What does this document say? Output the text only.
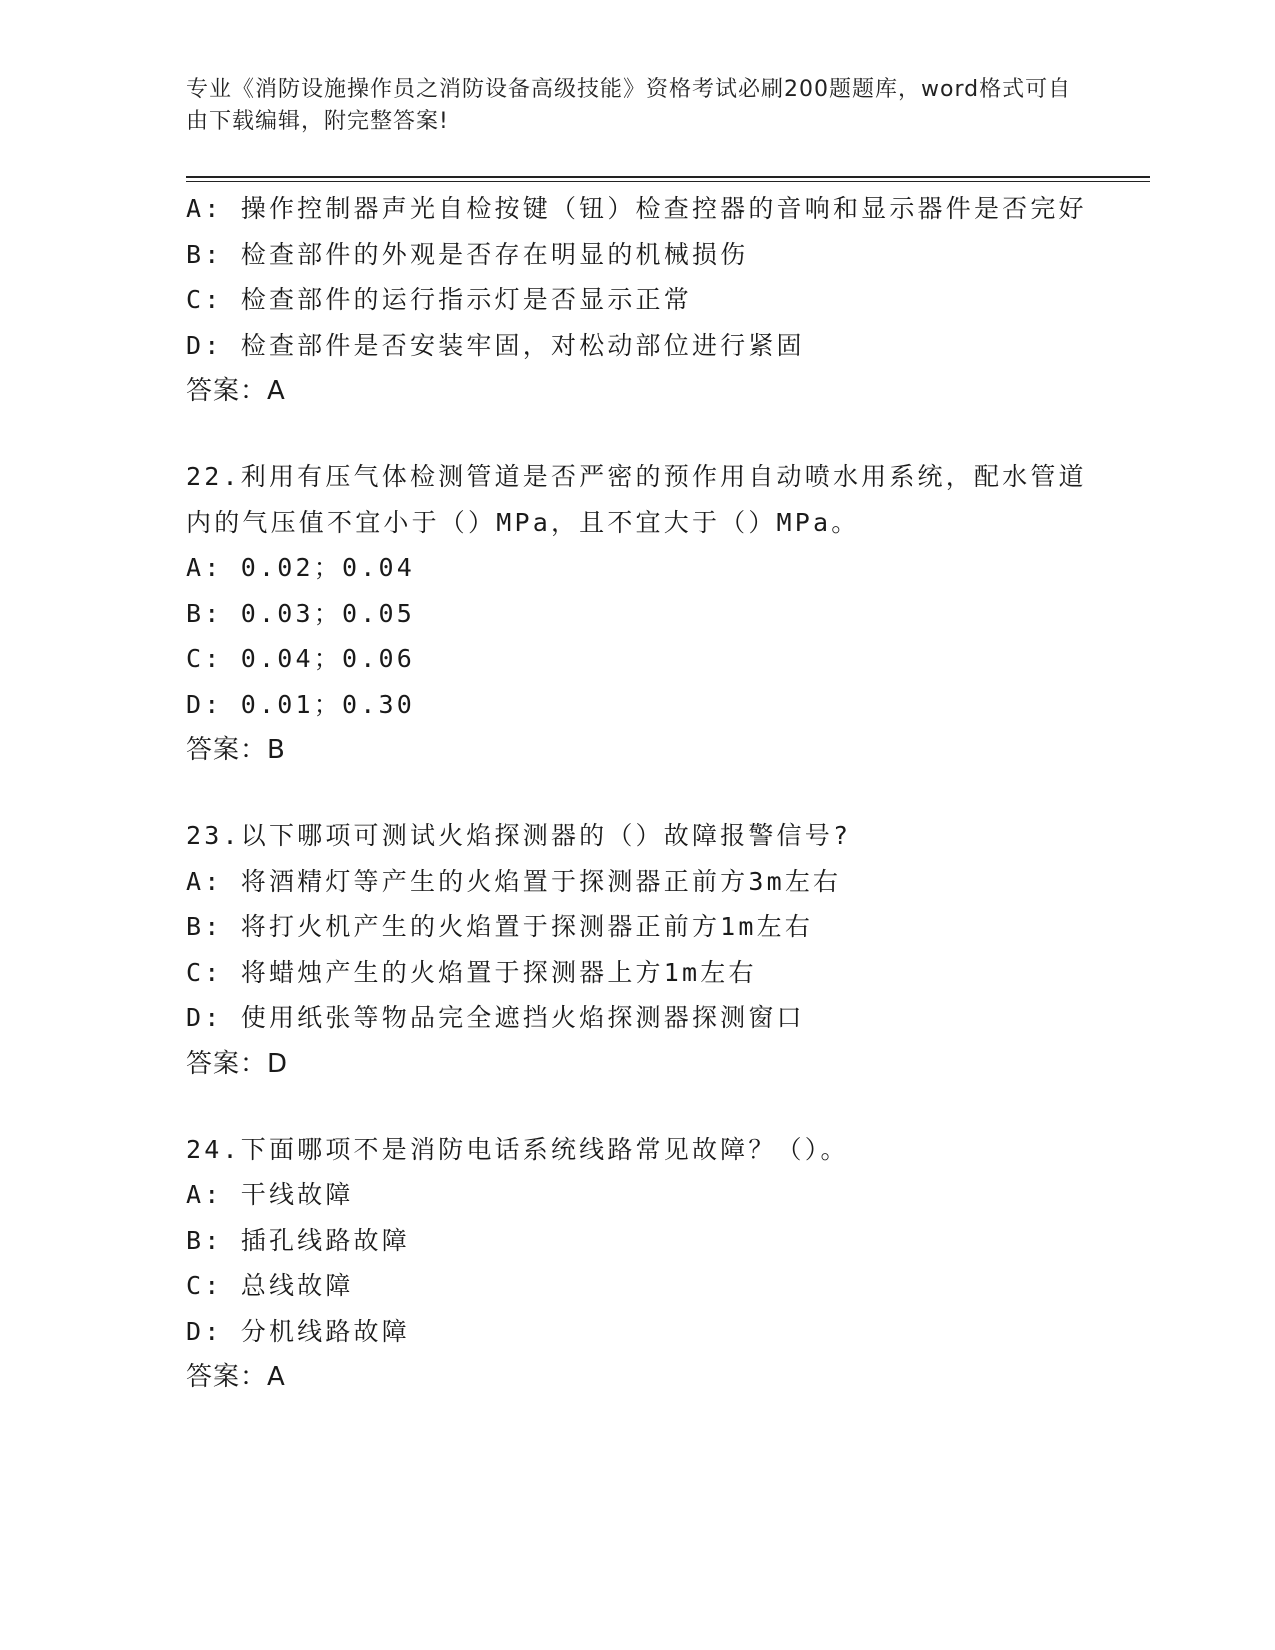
专业《消防设施操作员之消防设备高级技能》资格考试必刷200题题库，word格式可自由下载编辑，附完整答案!
A: 操作控制器声光自检按键（钮）检查控器的音响和显示器件是否完好
B: 检查部件的外观是否存在明显的机械损伤
C: 检查部件的运行指示灯是否显示正常
D: 检查部件是否安装牢固，对松动部位进行紧固
答案：A
22.利用有压气体检测管道是否严密的预作用自动喷水用系统，配水管道内的气压值不宜小于（）MPa，且不宜大于（）MPa。
A: 0.02；0.04
B: 0.03；0.05
C: 0.04；0.06
D: 0.01；0.30
答案：B
23.以下哪项可测试火焰探测器的（）故障报警信号?
A: 将酒精灯等产生的火焰置于探测器正前方3m左右
B: 将打火机产生的火焰置于探测器正前方1m左右
C: 将蜡烛产生的火焰置于探测器上方1m左右
D: 使用纸张等物品完全遮挡火焰探测器探测窗口
答案：D
24.下面哪项不是消防电话系统线路常见故障？（）。
A: 干线故障
B: 插孔线路故障
C: 总线故障
D: 分机线路故障
答案：A
